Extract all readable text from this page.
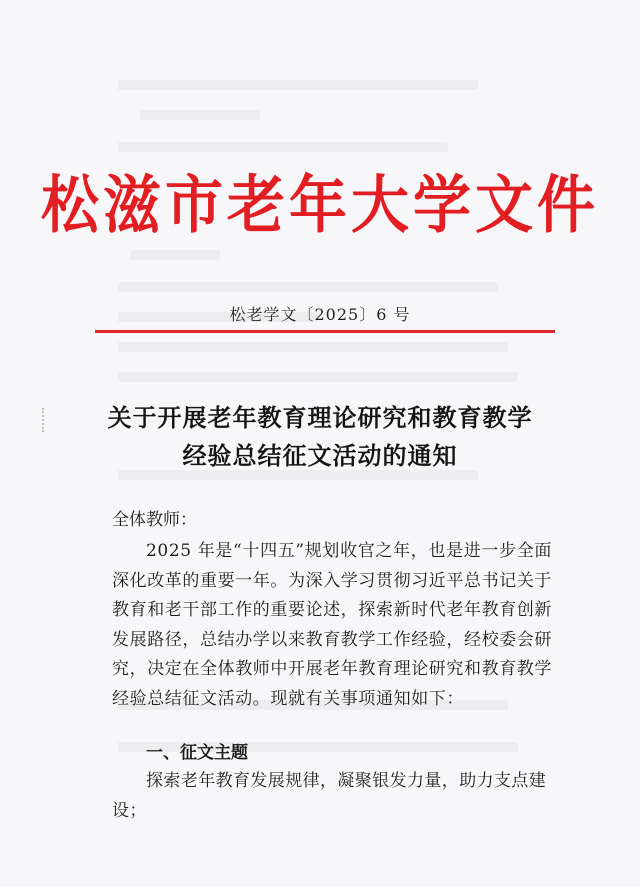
松滋市老年大学文件
松老学文〔2025〕6 号
关于开展老年教育理论研究和教育教学
经验总结征文活动的通知
全体教师：
2025 年是“十四五”规划收官之年，也是进一步全面深化改革的重要一年。为深入学习贯彻习近平总书记关于教育和老干部工作的重要论述，探索新时代老年教育创新发展路径，总结办学以来教育教学工作经验，经校委会研究，决定在全体教师中开展老年教育理论研究和教育教学经验总结征文活动。现就有关事项通知如下：
一、征文主题
探索老年教育发展规律，凝聚银发力量，助力支点建设；
